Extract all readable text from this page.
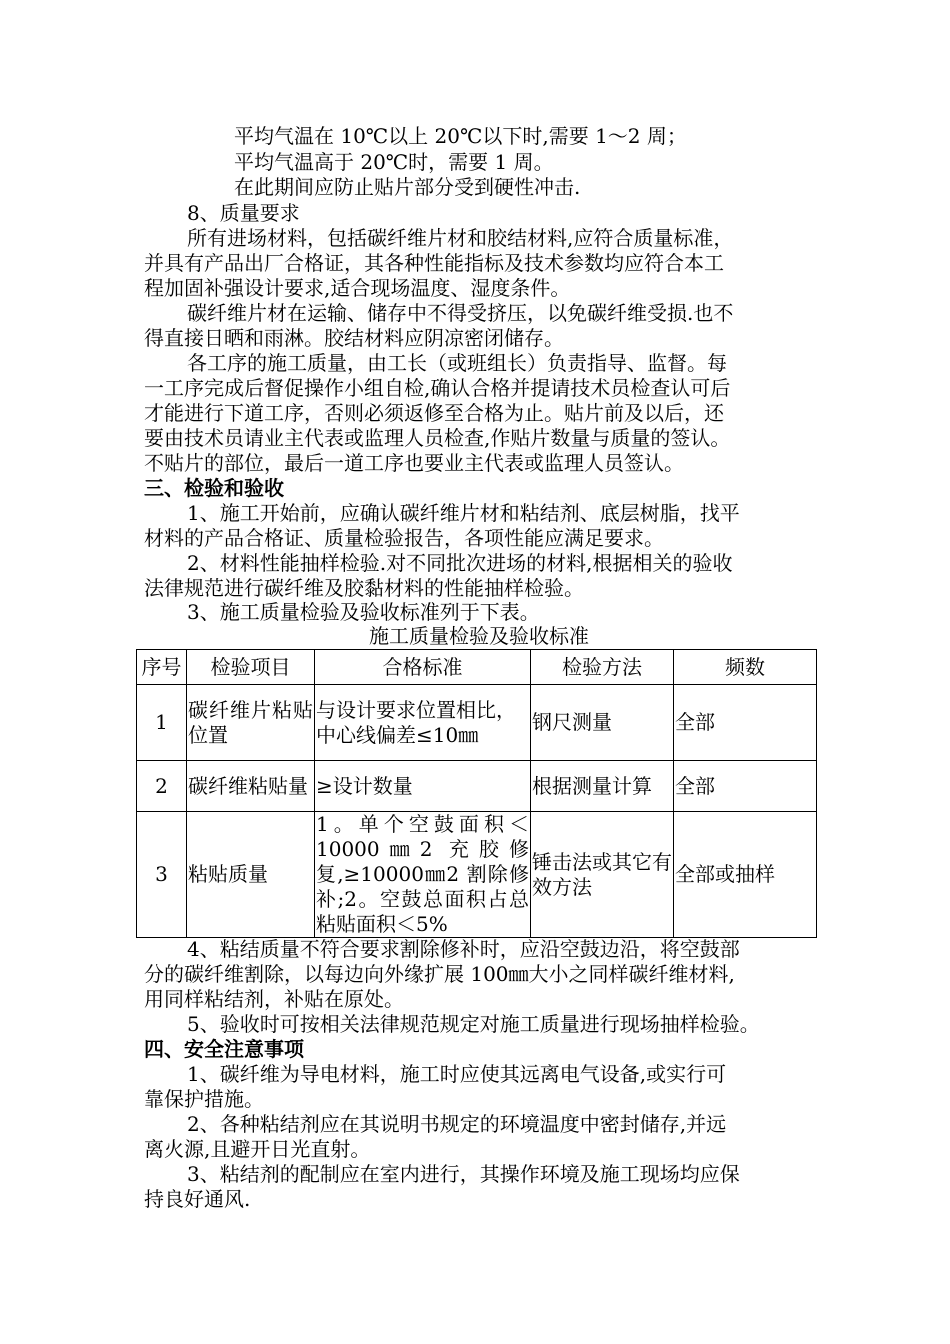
平均气温在 10℃以上 20℃以下时,需要 1～2 周；
平均气温高于 20℃时，需要 1 周。
在此期间应防止贴片部分受到硬性冲击.
8、质量要求
所有进场材料，包括碳纤维片材和胶结材料,应符合质量标准，
并具有产品出厂合格证，其各种性能指标及技术参数均应符合本工
程加固补强设计要求,适合现场温度、湿度条件。
碳纤维片材在运输、储存中不得受挤压，以免碳纤维受损.也不
得直接日晒和雨淋。胶结材料应阴凉密闭储存。
各工序的施工质量，由工长（或班组长）负责指导、监督。每
一工序完成后督促操作小组自检,确认合格并提请技术员检查认可后
才能进行下道工序，否则必须返修至合格为止。贴片前及以后，还
要由技术员请业主代表或监理人员检查,作贴片数量与质量的签认。
不贴片的部位，最后一道工序也要业主代表或监理人员签认。
三、检验和验收
1、施工开始前，应确认碳纤维片材和粘结剂、底层树脂，找平
材料的产品合格证、质量检验报告，各项性能应满足要求。
2、材料性能抽样检验.对不同批次进场的材料,根据相关的验收
法律规范进行碳纤维及胶黏材料的性能抽样检验。
3、施工质量检验及验收标准列于下表。
施工质量检验及验收标准
序号	检验项目	合格标准	检验方法	频数
1	碳纤维片粘贴位置	与设计要求位置相比，
中心线偏差≤10㎜	钢尺测量	全部
2	碳纤维粘贴量	≥设计数量	根据测量计算	全部
3	粘贴质量	1。单个空鼓面积＜10000㎜2 充胶修复,≥10000㎜2 割除修补;2。空鼓总面积占总粘贴面积＜5%	锤击法或其它有效方法	全部或抽样
4、粘结质量不符合要求割除修补时，应沿空鼓边沿，将空鼓部
分的碳纤维割除，以每边向外缘扩展 100㎜大小之同样碳纤维材料,
用同样粘结剂，补贴在原处。
5、验收时可按相关法律规范规定对施工质量进行现场抽样检验。
四、安全注意事项
1、碳纤维为导电材料，施工时应使其远离电气设备,或实行可
靠保护措施。
2、各种粘结剂应在其说明书规定的环境温度中密封储存,并远
离火源,且避开日光直射。
3、粘结剂的配制应在室内进行，其操作环境及施工现场均应保
持良好通风.
